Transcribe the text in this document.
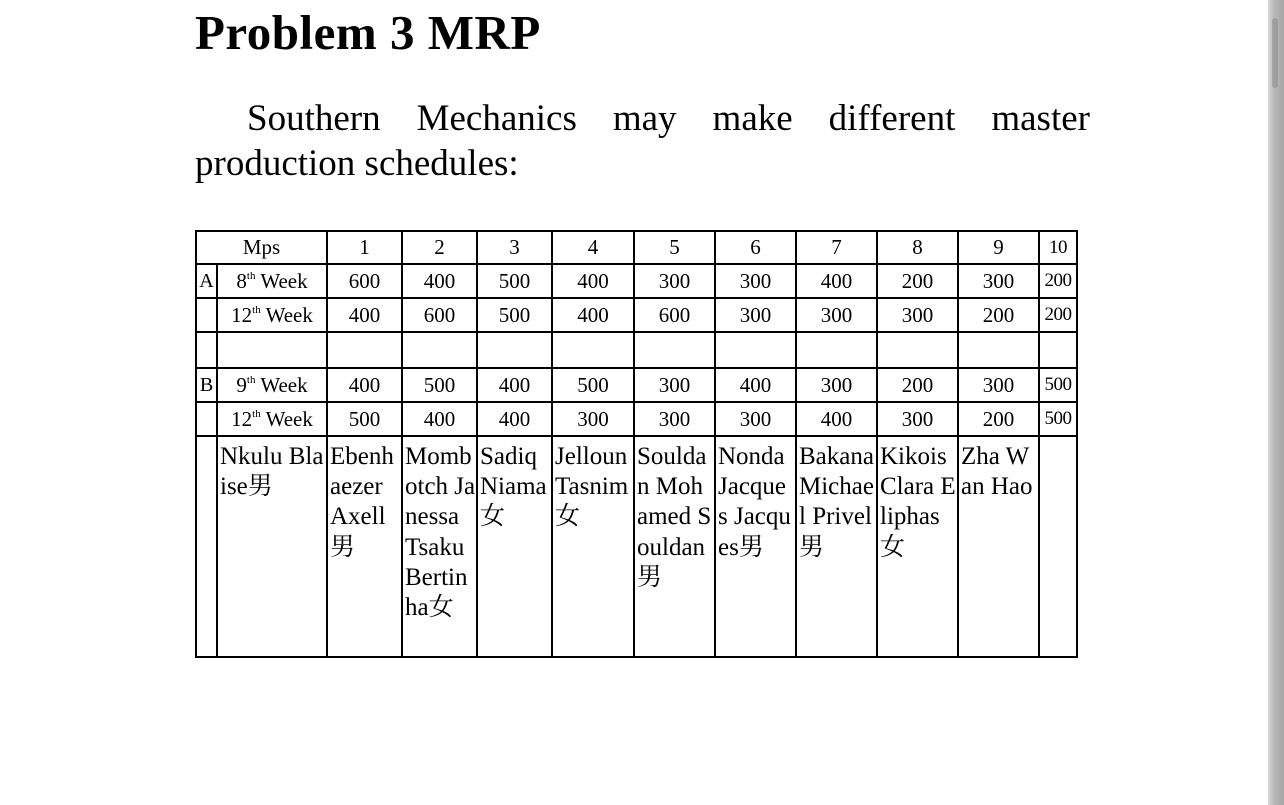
Problem 3 MRP
Southern Mechanics may make different master
production schedules:
Mps		1	2	3	4	5	6	7	8	9	10
A	8th Week	600	400	500	400	300	300	400	200	300	200
	12th Week	400	600	500	400	600	300	300	300	200	200

B	9th Week	400	500	400	500	300	400	300	200	300	500
	12th Week	500	400	400	300	300	300	400	300	200	500
	Nkulu Blaise男	Ebenhaezer Axell男	Mombotch Janessa Tsaku Bertinha女	Sadiq Niama女	Jelloun Tasnim女	Souldan Mohamed Souldan男	Nonda Jacques Jacques男	Bakana Michael Privel男	Kikois Clara Eliphas女	Zha Wan Hao	
